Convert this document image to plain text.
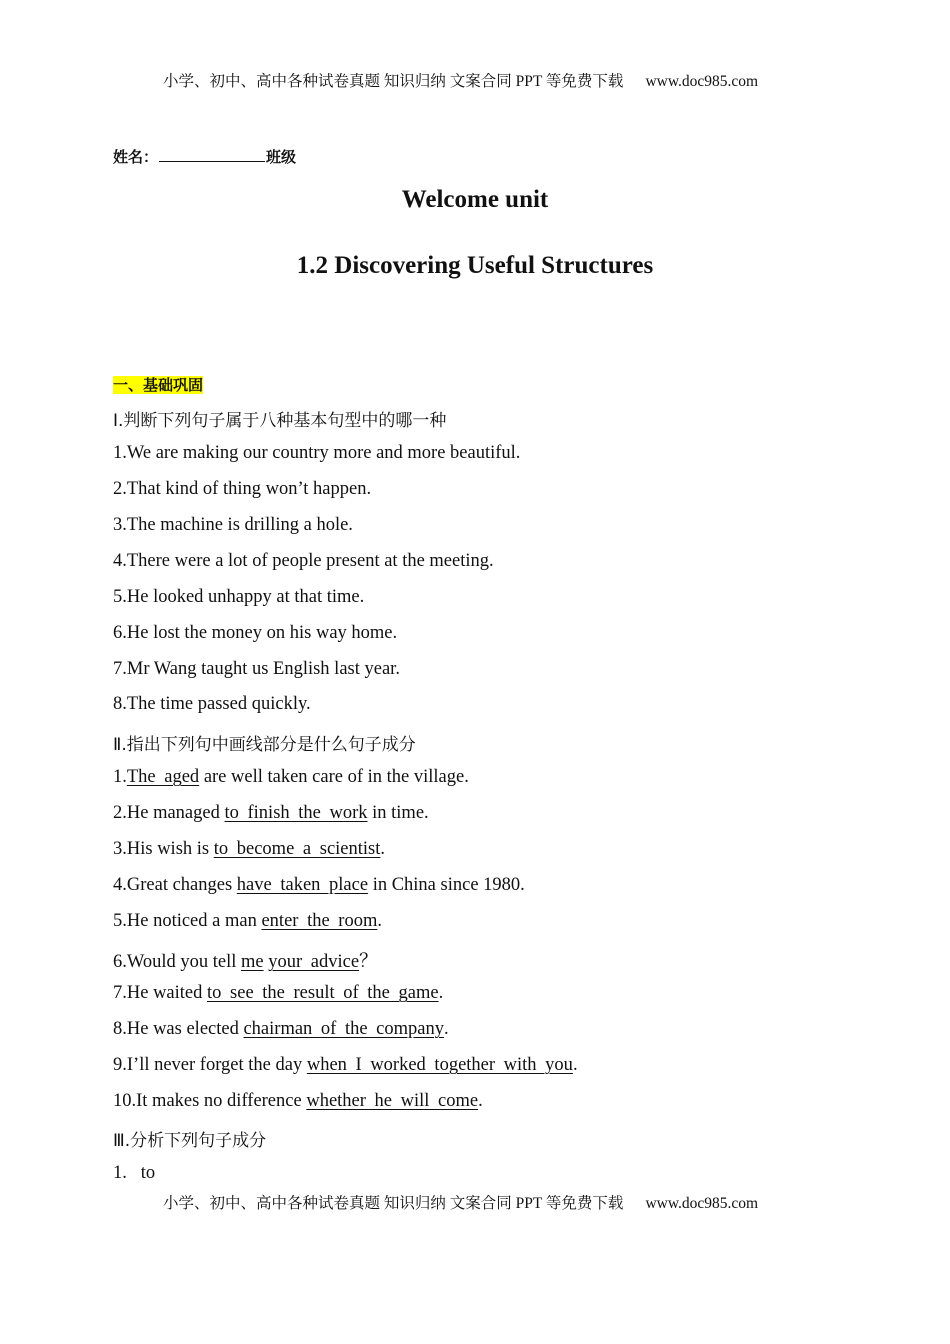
小学、初中、高中各种试卷真题 知识归纳 文案合同 PPT 等免费下载 www.doc985.com
姓名：	班级
Welcome unit
1.2 Discovering Useful Structures
一、基础巩固
Ⅰ.判断下列句子属于八种基本句型中的哪一种
1.We are making our country more and more beautiful.
2.That kind of thing won’t happen.
3.The machine is drilling a hole.
4.There were a lot of people present at the meeting.
5.He looked unhappy at that time.
6.He lost the money on his way home.
7.Mr Wang taught us English last year.
8.The time passed quickly.
Ⅱ.指出下列句中画线部分是什么句子成分
1.The aged are well taken care of in the village.
2.He managed to finish the work in time.
3.His wish is to become a scientist.
4.Great changes have taken place in China since 1980.
5.He noticed a man enter the room.
6.Would you tell me your advice？
7.He waited to see the result of the game.
8.He was elected chairman of the company.
9.I’ll never forget the day when I worked together with you.
10.It makes no difference whether he will come.
Ⅲ.分析下列句子成分
1.   to
小学、初中、高中各种试卷真题 知识归纳 文案合同 PPT 等免费下载 www.doc985.com
